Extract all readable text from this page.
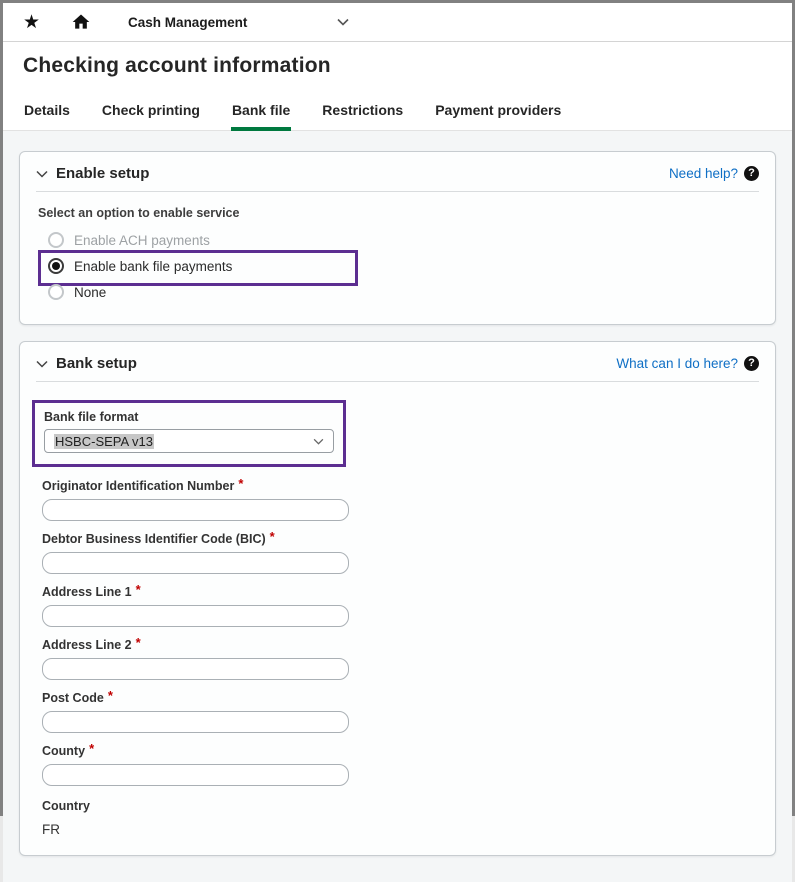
★	Cash Management
Checking account information
Details Check printing Bank file Restrictions Payment providers
Enable setup	Need help? ?
Select an option to enable service
Enable ACH payments
Enable bank file payments
None
Bank setup	What can I do here? ?
Bank file format
HSBC-SEPA v13
Originator Identification Number *
Debtor Business Identifier Code (BIC) *
Address Line 1 *
Address Line 2 *
Post Code *
County *
Country
FR
